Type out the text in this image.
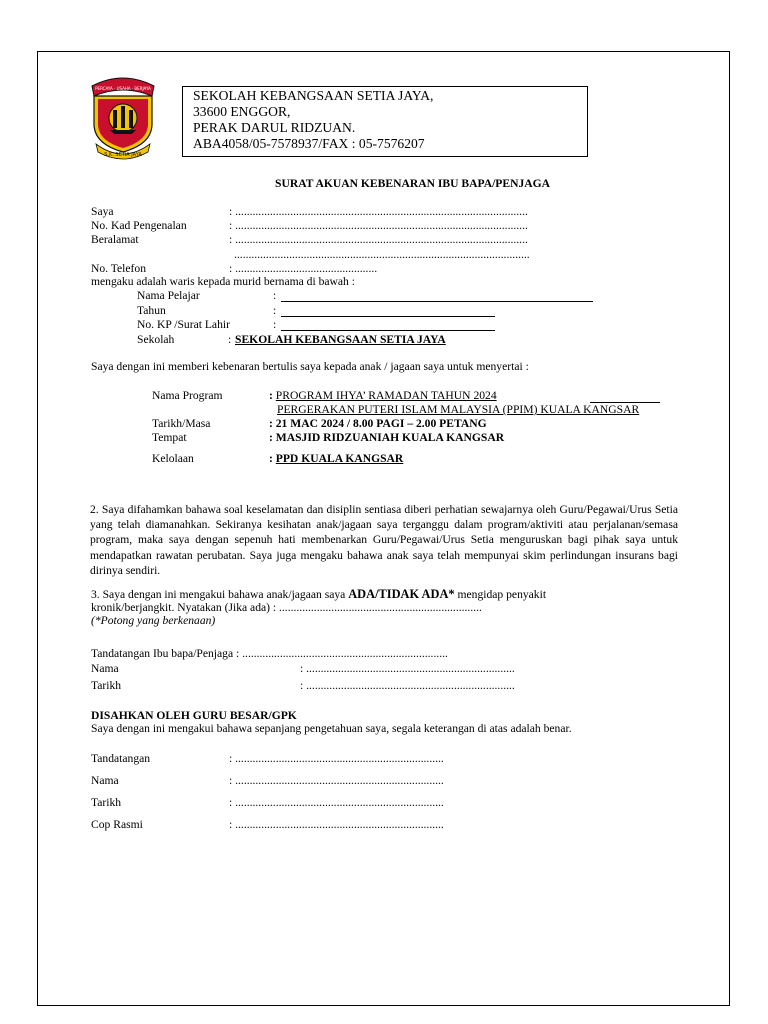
PERCAYA · USAHA · BERJAYA
S.K. SETIA JAYA
SEKOLAH KEBANGSAAN SETIA JAYA,
33600 ENGGOR,
PERAK DARUL RIDZUAN.
ABA4058/05-7578937/FAX : 05-7576207
SURAT AKUAN KEBENARAN IBU BAPA/PENJAGA
Saya	: .....................................................................................................
No. Kad Pengenalan	: .....................................................................................................
Beralamat	: .....................................................................................................
......................................................................................................
No. Telefon	: .................................................
mengaku adalah waris kepada murid bernama di bawah :
Nama Pelajar	:
Tahun	:
No. KP /Surat Lahir	:
Sekolah	: SEKOLAH KEBANGSAAN SETIA JAYA
Saya dengan ini memberi kebenaran bertulis saya kepada anak / jagaan saya untuk menyertai :
Nama Program	: PROGRAM IHYA’ RAMADAN TAHUN 2024
PERGERAKAN PUTERI ISLAM MALAYSIA (PPIM) KUALA KANGSAR
Tarikh/Masa	: 21 MAC 2024 / 8.00 PAGI – 2.00 PETANG
Tempat	: MASJID RIDZUANIAH KUALA KANGSAR
Kelolaan	: PPD KUALA KANGSAR
2. Saya difahamkan bahawa soal keselamatan dan disiplin sentiasa diberi perhatian sewajarnya oleh Guru/Pegawai/Urus Setia yang telah diamanahkan. Sekiranya kesihatan anak/jagaan saya terganggu dalam program/aktiviti atau perjalanan/semasa program, maka saya dengan sepenuh hati membenarkan Guru/Pegawai/Urus Setia menguruskan bagi pihak saya untuk mendapatkan rawatan perubatan. Saya juga mengaku bahawa anak saya telah mempunyai skim perlindungan insurans bagi dirinya sendiri.
3. Saya dengan ini mengakui bahawa anak/jagaan saya ADA/TIDAK ADA* mengidap penyakit
kronik/berjangkit. Nyatakan (Jika ada) : ......................................................................
(*Potong yang berkenaan)
Tandatangan Ibu bapa/Penjaga : .......................................................................
Nama	: ........................................................................
Tarikh	: ........................................................................
DISAHKAN OLEH GURU BESAR/GPK
Saya dengan ini mengakui bahawa sepanjang pengetahuan saya, segala keterangan di atas adalah benar.
Tandatangan	: ........................................................................
Nama	: ........................................................................
Tarikh	: ........................................................................
Cop Rasmi	: ........................................................................
